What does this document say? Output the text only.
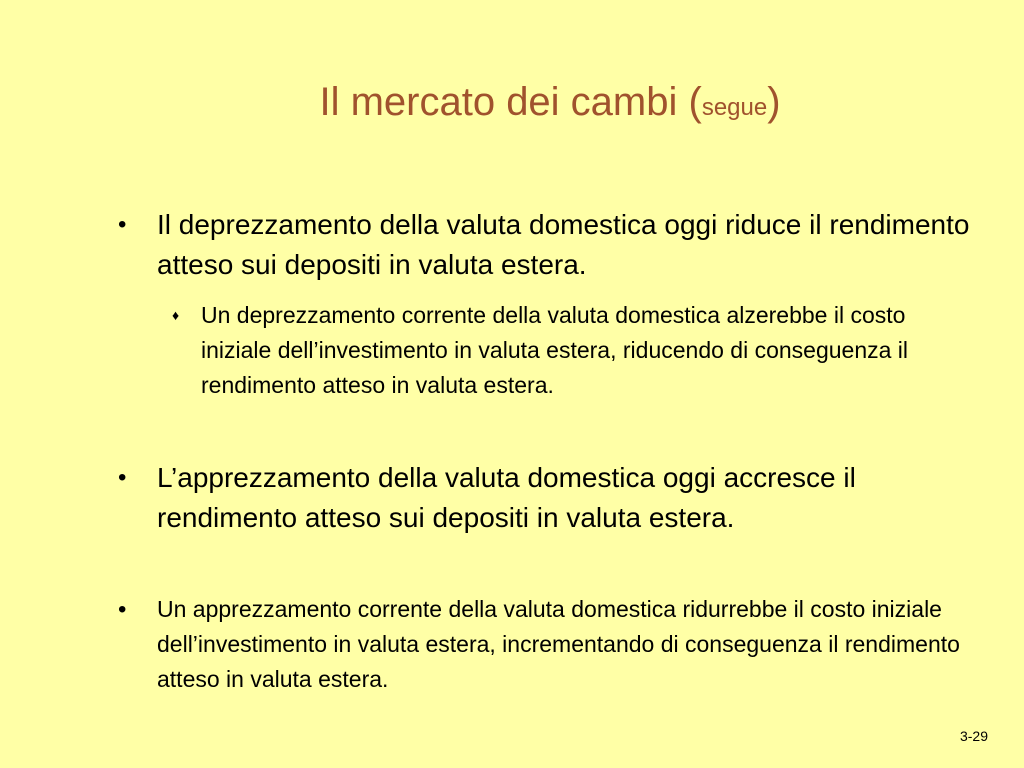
Il mercato dei cambi (segue)
• Il deprezzamento della valuta domestica oggi riduce il rendimento atteso sui depositi in valuta estera.
♦ Un deprezzamento corrente della valuta domestica alzerebbe il costo iniziale dell’investimento in valuta estera, riducendo di conseguenza il rendimento atteso in valuta estera.
• L’apprezzamento della valuta domestica oggi accresce il rendimento atteso sui depositi in valuta estera.
• Un apprezzamento corrente della valuta domestica ridurrebbe il costo iniziale dell’investimento in valuta estera, incrementando di conseguenza il rendimento atteso in valuta estera.
3-29
